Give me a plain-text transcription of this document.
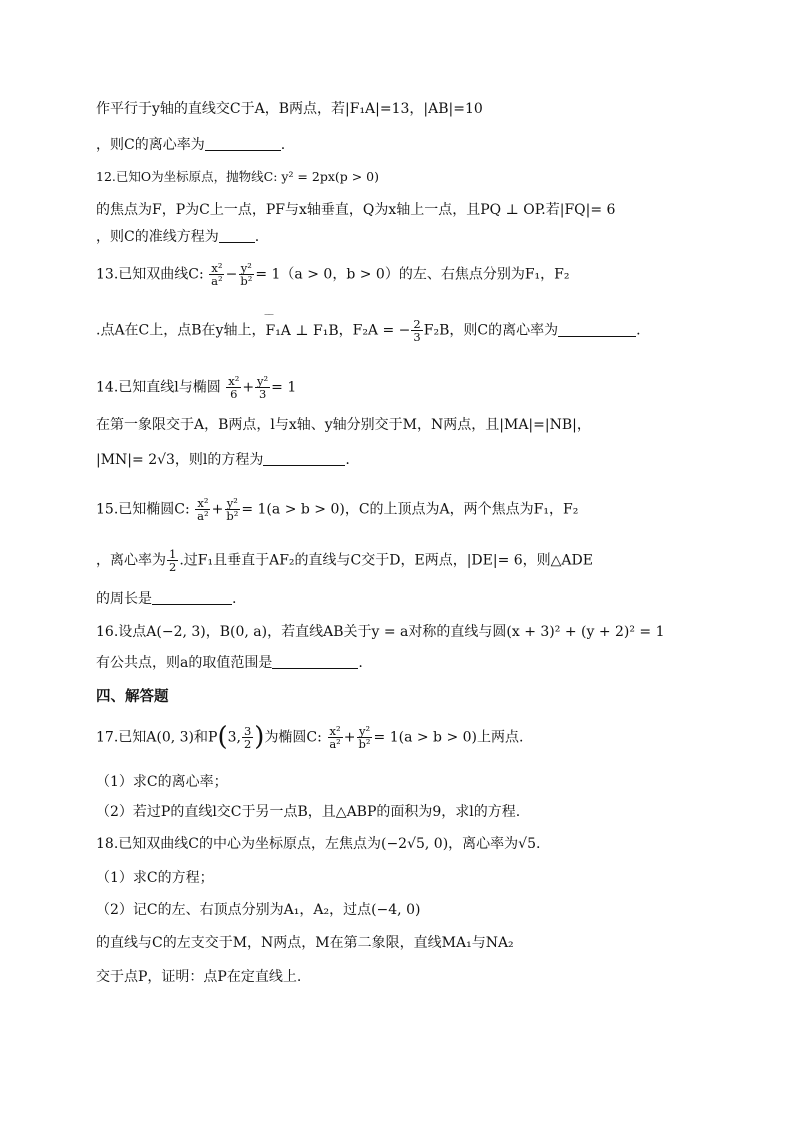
作平行于y轴的直线交C于A，B两点，若|F₁A|=13，|AB|=10
，则C的离心率为	.
12.已知O为坐标原点，抛物线C: y² = 2px(p > 0)
的焦点为F，P为C上一点，PF与x轴垂直，Q为x轴上一点，且PQ ⊥ OP.若|FQ|= 6
，则C的准线方程为	.
13.已知双曲线C: $\frac{\text{x²}}{\text{a²}} - \frac{\text{y²}}{\text{b²}} = 1(a > 0$，b > 0）的左、右焦点分别为F₁，F₂
.点A在C上，点B在y轴上，‾‾ F₁A ⊥ F₁B，F₂A = − $\frac{2}{3} F_2B$，则C的离心率为	.
14.已知直线l与椭圆 $\frac{\text{x²}}{6} + \frac{\text{y²}}{3} = 1$
在第一象限交于A，B两点，l与x轴、y轴分别交于M，N两点，且|MA|=|NB|，
|MN|= 2√3，则l的方程为	.
15.已知椭圆C: $\frac{\text{x²}}{\text{a²}} + \frac{\text{y²}}{\text{b²}} = 1(a > b > 0)$，C的上顶点为A，两个焦点为F₁，F₂
，离心率为 $\frac{1}{2}$ .过F₁且垂直于AF₂的直线与C交于D，E两点，|DE|= 6，则△ADE
的周长是	.
16.设点A(−2, 3)，B(0, a)，若直线AB关于y = a对称的直线与圆(x + 3)² + (y + 2)² = 1
有公共点，则a的取值范围是	.
四、解答题
17.已知A(0, 3)和P(3, $\frac{3}{2}$ )为椭圆C: $\frac{\text{x²}}{\text{a²}} + \frac{\text{y²}}{\text{b²}} = 1(a > b > 0)$上两点.
（1）求C的离心率；
（2）若过P的直线l交C于另一点B，且△ABP的面积为9，求l的方程.
18.已知双曲线C的中心为坐标原点，左焦点为(−2√5, 0)，离心率为√5.
（1）求C的方程；
（2）记C的左、右顶点分别为A₁，A₂，过点(−4, 0)
的直线与C的左支交于M，N两点，M在第二象限，直线MA₁与NA₂
交于点P，证明：点P在定直线上.
